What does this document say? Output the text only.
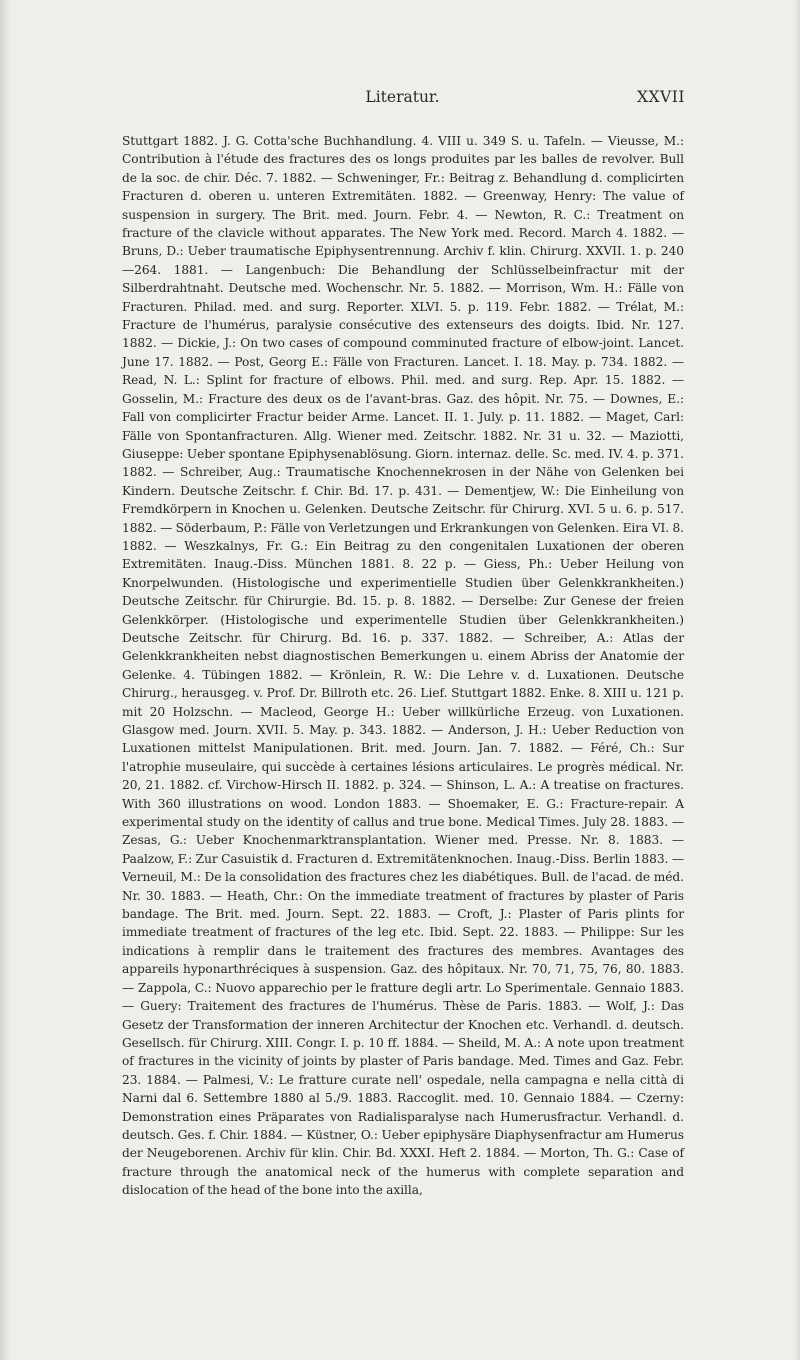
Literatur.	XXVII
Stuttgart 1882. J. G. Cotta'sche Buchhandlung. 4. VIII u. 349 S. u. Tafeln. — Vieusse, M.: Contribution à l'étude des fractures des os longs produites par les balles de revolver. Bull de la soc. de chir. Déc. 7. 1882. — Schweninger, Fr.: Beitrag z. Behandlung d. complicirten Fracturen d. oberen u. unteren Extremitäten. 1882. — Greenway, Henry: The value of suspension in surgery. The Brit. med. Journ. Febr. 4. — Newton, R. C.: Treatment on fracture of the clavicle without apparates. The New York med. Record. March 4. 1882. — Bruns, D.: Ueber traumatische Epiphysentrennung. Archiv f. klin. Chirurg. XXVII. 1. p. 240—264. 1881. — Langenbuch: Die Behandlung der Schlüsselbeinfractur mit der Silberdrahtnaht. Deutsche med. Wochenschr. Nr. 5. 1882. — Morrison, Wm. H.: Fälle von Fracturen. Philad. med. and surg. Reporter. XLVI. 5. p. 119. Febr. 1882. — Trélat, M.: Fracture de l'humérus, paralysie consécutive des extenseurs des doigts. Ibid. Nr. 127. 1882. — Dickie, J.: On two cases of compound comminuted fracture of elbow-joint. Lancet. June 17. 1882. — Post, Georg E.: Fälle von Fracturen. Lancet. I. 18. May. p. 734. 1882. — Read, N. L.: Splint for fracture of elbows. Phil. med. and surg. Rep. Apr. 15. 1882. — Gosselin, M.: Fracture des deux os de l'avant-bras. Gaz. des hôpit. Nr. 75. — Downes, E.: Fall von complicirter Fractur beider Arme. Lancet. II. 1. July. p. 11. 1882. — Maget, Carl: Fälle von Spontanfracturen. Allg. Wiener med. Zeitschr. 1882. Nr. 31 u. 32. — Maziotti, Giuseppe: Ueber spontane Epiphysenablösung. Giorn. internaz. delle. Sc. med. IV. 4. p. 371. 1882. — Schreiber, Aug.: Traumatische Knochennekrosen in der Nähe von Gelenken bei Kindern. Deutsche Zeitschr. f. Chir. Bd. 17. p. 431. — Dementjew, W.: Die Einheilung von Fremdkörpern in Knochen u. Gelenken. Deutsche Zeitschr. für Chirurg. XVI. 5 u. 6. p. 517. 1882. — Söderbaum, P.: Fälle von Verletzungen und Erkrankungen von Gelenken. Eira VI. 8. 1882. — Weszkalnys, Fr. G.: Ein Beitrag zu den congenitalen Luxationen der oberen Extremitäten. Inaug.-Diss. München 1881. 8. 22 p. — Giess, Ph.: Ueber Heilung von Knorpelwunden. (Histologische und experimentielle Studien über Gelenkkrankheiten.) Deutsche Zeitschr. für Chirurgie. Bd. 15. p. 8. 1882. — Derselbe: Zur Genese der freien Gelenkkörper. (Histologische und experimentelle Studien über Gelenkkrankheiten.) Deutsche Zeitschr. für Chirurg. Bd. 16. p. 337. 1882. — Schreiber, A.: Atlas der Gelenkkrankheiten nebst diagnostischen Bemerkungen u. einem Abriss der Anatomie der Gelenke. 4. Tübingen 1882. — Krönlein, R. W.: Die Lehre v. d. Luxationen. Deutsche Chirurg., herausgeg. v. Prof. Dr. Billroth etc. 26. Lief. Stuttgart 1882. Enke. 8. XIII u. 121 p. mit 20 Holzschn. — Macleod, George H.: Ueber willkürliche Erzeug. von Luxationen. Glasgow med. Journ. XVII. 5. May. p. 343. 1882. — Anderson, J. H.: Ueber Reduction von Luxationen mittelst Manipulationen. Brit. med. Journ. Jan. 7. 1882. — Féré, Ch.: Sur l'atrophie museulaire, qui succède à certaines lésions articulaires. Le progrès médical. Nr. 20, 21. 1882. cf. Virchow-Hirsch II. 1882. p. 324. — Shinson, L. A.: A treatise on fractures. With 360 illustrations on wood. London 1883. — Shoemaker, E. G.: Fracture-repair. A experimental study on the identity of callus and true bone. Medical Times. July 28. 1883. — Zesas, G.: Ueber Knochenmarktransplantation. Wiener med. Presse. Nr. 8. 1883. — Paalzow, F.: Zur Casuistik d. Fracturen d. Extremitätenknochen. Inaug.-Diss. Berlin 1883. — Verneuil, M.: De la consolidation des fractures chez les diabétiques. Bull. de l'acad. de méd. Nr. 30. 1883. — Heath, Chr.: On the immediate treatment of fractures by plaster of Paris bandage. The Brit. med. Journ. Sept. 22. 1883. — Croft, J.: Plaster of Paris plints for immediate treatment of fractures of the leg etc. Ibid. Sept. 22. 1883. — Philippe: Sur les indications à remplir dans le traitement des fractures des membres. Avantages des appareils hyponarthréciques à suspension. Gaz. des hôpitaux. Nr. 70, 71, 75, 76, 80. 1883. — Zappola, C.: Nuovo apparechio per le fratture degli artr. Lo Sperimentale. Gennaio 1883. — Guery: Traitement des fractures de l'humérus. Thèse de Paris. 1883. — Wolf, J.: Das Gesetz der Transformation der inneren Architectur der Knochen etc. Verhandl. d. deutsch. Gesellsch. für Chirurg. XIII. Congr. I. p. 10 ff. 1884. — Sheild, M. A.: A note upon treatment of fractures in the vicinity of joints by plaster of Paris bandage. Med. Times and Gaz. Febr. 23. 1884. — Palmesi, V.: Le fratture curate nell' ospedale, nella campagna e nella città di Narni dal 6. Settembre 1880 al 5./9. 1883. Raccoglit. med. 10. Gennaio 1884. — Czerny: Demonstration eines Präparates von Radialisparalyse nach Humerusfractur. Verhandl. d. deutsch. Ges. f. Chir. 1884. — Küstner, O.: Ueber epiphysäre Diaphysenfractur am Humerus der Neugeborenen. Archiv für klin. Chir. Bd. XXXI. Heft 2. 1884. — Morton, Th. G.: Case of fracture through the anatomical neck of the humerus with complete separation and dislocation of the head of the bone into the axilla,
